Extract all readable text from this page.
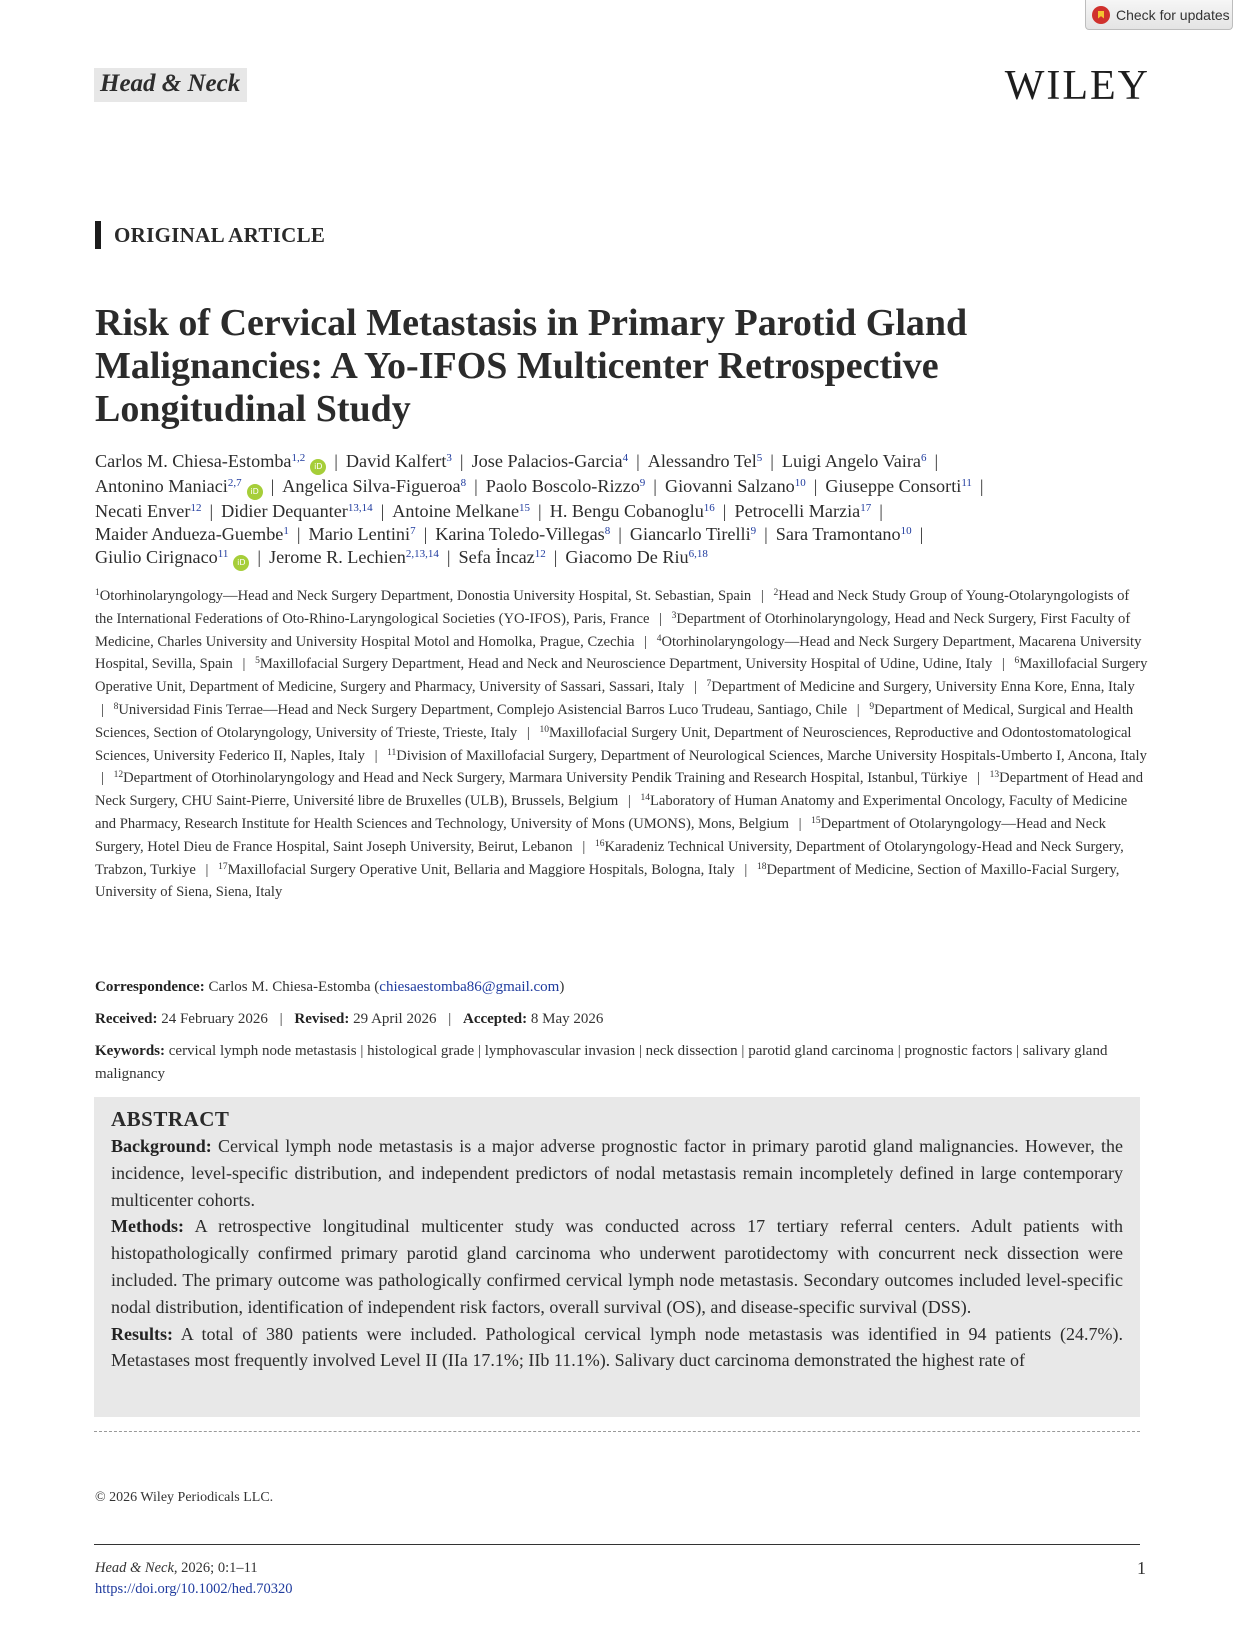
Check for updates
Head & Neck	WILEY
ORIGINAL ARTICLE
Risk of Cervical Metastasis in Primary Parotid Gland Malignancies: A Yo-IFOS Multicenter Retrospective Longitudinal Study
Carlos M. Chiesa-Estomba$^{1,2}$iD | David Kalfert$^3$ | Jose Palacios-Garcia$^4$ | Alessandro Tel$^5$ | Luigi Angelo Vaira$^6$ |
Antonino Maniaci$^{2,7}$iD | Angelica Silva-Figueroa$^8$ | Paolo Boscolo-Rizzo$^9$ | Giovanni Salzano$^{10}$ | Giuseppe Consorti$^{11}$ |
Necati Enver$^{12}$ | Didier Dequanter$^{13,14}$ | Antoine Melkane$^{15}$ | H. Bengu Cobanoglu$^{16}$ | Petrocelli Marzia$^{17}$ |
Maider Andueza-Guembe$^1$ | Mario Lentini$^7$ | Karina Toledo-Villegas$^8$ | Giancarlo Tirelli$^9$ | Sara Tramontano$^{10}$ |
Giulio Cirignaco$^{11}$iD | Jerome R. Lechien$^{2,13,14}$ | Sefa İncaz$^{12}$ | Giacomo De Riu$^{6,18}$
$^1$Otorhinolaryngology—Head and Neck Surgery Department, Donostia University Hospital, St. Sebastian, Spain | $^2$Head and Neck Study Group of Young-Otolaryngologists of the International Federations of Oto-Rhino-Laryngological Societies (YO-IFOS), Paris, France | $^3$Department of Otorhinolaryngology, Head and Neck Surgery, First Faculty of Medicine, Charles University and University Hospital Motol and Homolka, Prague, Czechia | $^4$Otorhinolaryngology—Head and Neck Surgery Department, Macarena University Hospital, Sevilla, Spain | $^5$Maxillofacial Surgery Department, Head and Neck and Neuroscience Department, University Hospital of Udine, Udine, Italy | $^6$Maxillofacial Surgery Operative Unit, Department of Medicine, Surgery and Pharmacy, University of Sassari, Sassari, Italy | $^7$Department of Medicine and Surgery, University Enna Kore, Enna, Italy | $^8$Universidad Finis Terrae—Head and Neck Surgery Department, Complejo Asistencial Barros Luco Trudeau, Santiago, Chile | $^9$Department of Medical, Surgical and Health Sciences, Section of Otolaryngology, University of Trieste, Trieste, Italy | $^{10}$Maxillofacial Surgery Unit, Department of Neurosciences, Reproductive and Odontostomatological Sciences, University Federico II, Naples, Italy | $^{11}$Division of Maxillofacial Surgery, Department of Neurological Sciences, Marche University Hospitals-Umberto I, Ancona, Italy | $^{12}$Department of Otorhinolaryngology and Head and Neck Surgery, Marmara University Pendik Training and Research Hospital, Istanbul, Türkiye | $^{13}$Department of Head and Neck Surgery, CHU Saint-Pierre, Université libre de Bruxelles (ULB), Brussels, Belgium | $^{14}$Laboratory of Human Anatomy and Experimental Oncology, Faculty of Medicine and Pharmacy, Research Institute for Health Sciences and Technology, University of Mons (UMONS), Mons, Belgium | $^{15}$Department of Otolaryngology—Head and Neck Surgery, Hotel Dieu de France Hospital, Saint Joseph University, Beirut, Lebanon | $^{16}$Karadeniz Technical University, Department of Otolaryngology-Head and Neck Surgery, Trabzon, Turkiye | $^{17}$Maxillofacial Surgery Operative Unit, Bellaria and Maggiore Hospitals, Bologna, Italy | $^{18}$Department of Medicine, Section of Maxillo-Facial Surgery, University of Siena, Siena, Italy
Correspondence: Carlos M. Chiesa-Estomba (chiesaestomba86@gmail.com)
Received: 24 February 2026 | Revised: 29 April 2026 | Accepted: 8 May 2026
Keywords: cervical lymph node metastasis | histological grade | lymphovascular invasion | neck dissection | parotid gland carcinoma | prognostic factors | salivary gland malignancy
ABSTRACT

Background: Cervical lymph node metastasis is a major adverse prognostic factor in primary parotid gland malignancies. However, the incidence, level-specific distribution, and independent predictors of nodal metastasis remain incompletely defined in large contemporary multicenter cohorts.

Methods: A retrospective longitudinal multicenter study was conducted across 17 tertiary referral centers. Adult patients with histopathologically confirmed primary parotid gland carcinoma who underwent parotidectomy with concurrent neck dissection were included. The primary outcome was pathologically confirmed cervical lymph node metastasis. Secondary outcomes included level-specific nodal distribution, identification of independent risk factors, overall survival (OS), and disease-specific survival (DSS).

Results: A total of 380 patients were included. Pathological cervical lymph node metastasis was identified in 94 patients (24.7%). Metastases most frequently involved Level II (IIa 17.1%; IIb 11.1%). Salivary duct carcinoma demonstrated the highest rate of

© 2026 Wiley Periodicals LLC.
Head & Neck, 2026; 0:1–11
https://doi.org/10.1002/hed.70320
1
